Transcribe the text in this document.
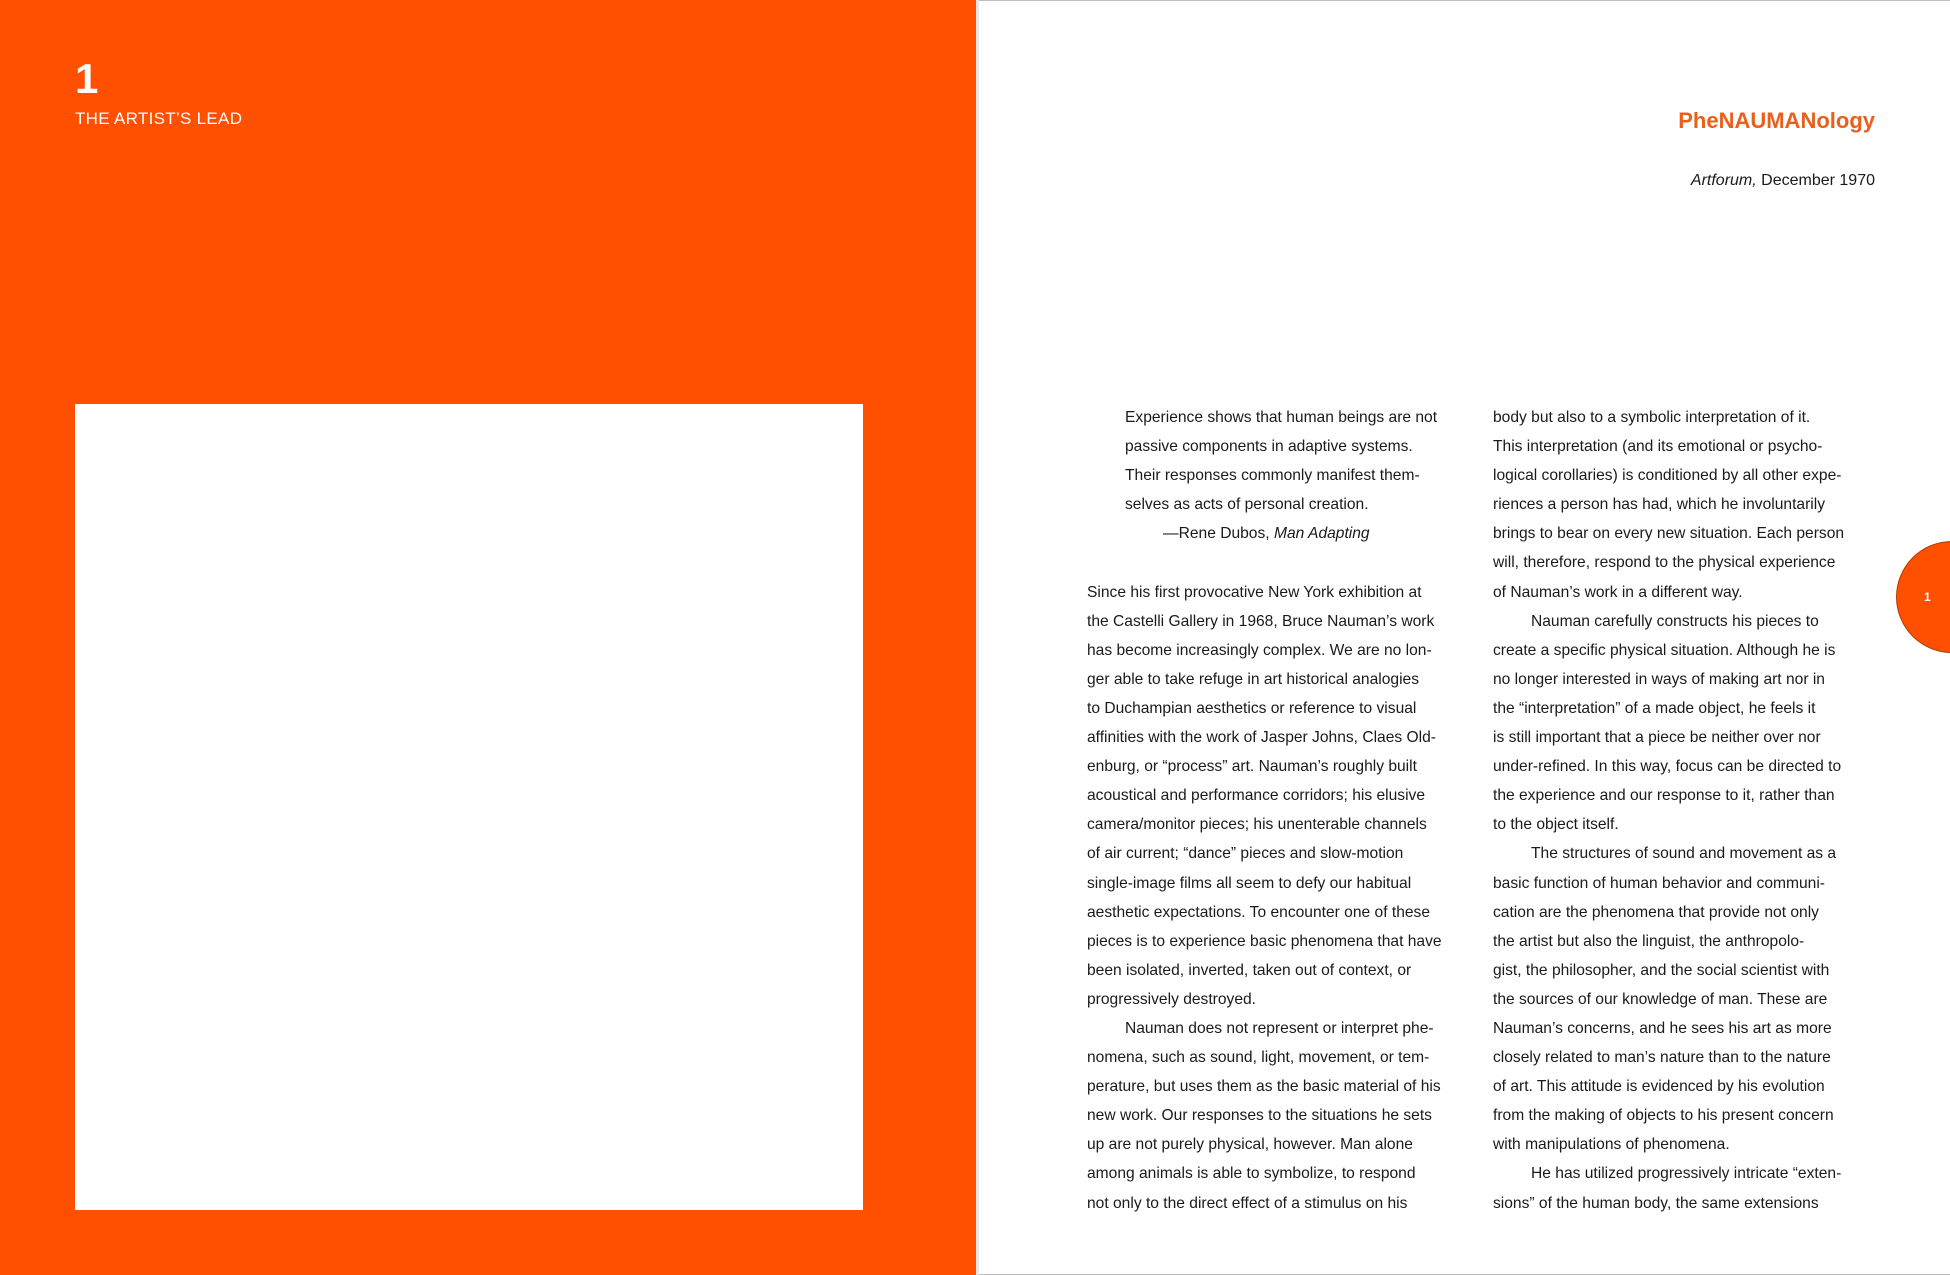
1
THE ARTIST’S LEAD	PheNAUMANology
Artforum, December 1970
Experience shows that human beings are not
passive components in adaptive systems.
Their responses commonly manifest them-
selves as acts of personal creation.
—Rene Dubos, Man Adapting
Since his first provocative New York exhibition at
the Castelli Gallery in 1968, Bruce Nauman’s work
has become increasingly complex. We are no lon-
ger able to take refuge in art historical analogies
to Duchampian aesthetics or reference to visual
affinities with the work of Jasper Johns, Claes Old-
enburg, or “process” art. Nauman’s roughly built
acoustical and performance corridors; his elusive
camera/monitor pieces; his unenterable channels
of air current; “dance” pieces and slow-motion
single-image films all seem to defy our habitual
aesthetic expectations. To encounter one of these
pieces is to experience basic phenomena that have
been isolated, inverted, taken out of context, or
progressively destroyed.
Nauman does not represent or interpret phe-
nomena, such as sound, light, movement, or tem-
perature, but uses them as the basic material of his
new work. Our responses to the situations he sets
up are not purely physical, however. Man alone
among animals is able to symbolize, to respond
not only to the direct effect of a stimulus on his
body but also to a symbolic interpretation of it.
This interpretation (and its emotional or psycho-
logical corollaries) is conditioned by all other expe-
riences a person has had, which he involuntarily
brings to bear on every new situation. Each person
will, therefore, respond to the physical experience
of Nauman’s work in a different way.
Nauman carefully constructs his pieces to
create a specific physical situation. Although he is
no longer interested in ways of making art nor in
the “interpretation” of a made object, he feels it
is still important that a piece be neither over nor
under-refined. In this way, focus can be directed to
the experience and our response to it, rather than
to the object itself.
The structures of sound and movement as a
basic function of human behavior and communi-
cation are the phenomena that provide not only
the artist but also the linguist, the anthropolo-
gist, the philosopher, and the social scientist with
the sources of our knowledge of man. These are
Nauman’s concerns, and he sees his art as more
closely related to man’s nature than to the nature
of art. This attitude is evidenced by his evolution
from the making of objects to his present concern
with manipulations of phenomena.
He has utilized progressively intricate “exten-
sions” of the human body, the same extensions
1
